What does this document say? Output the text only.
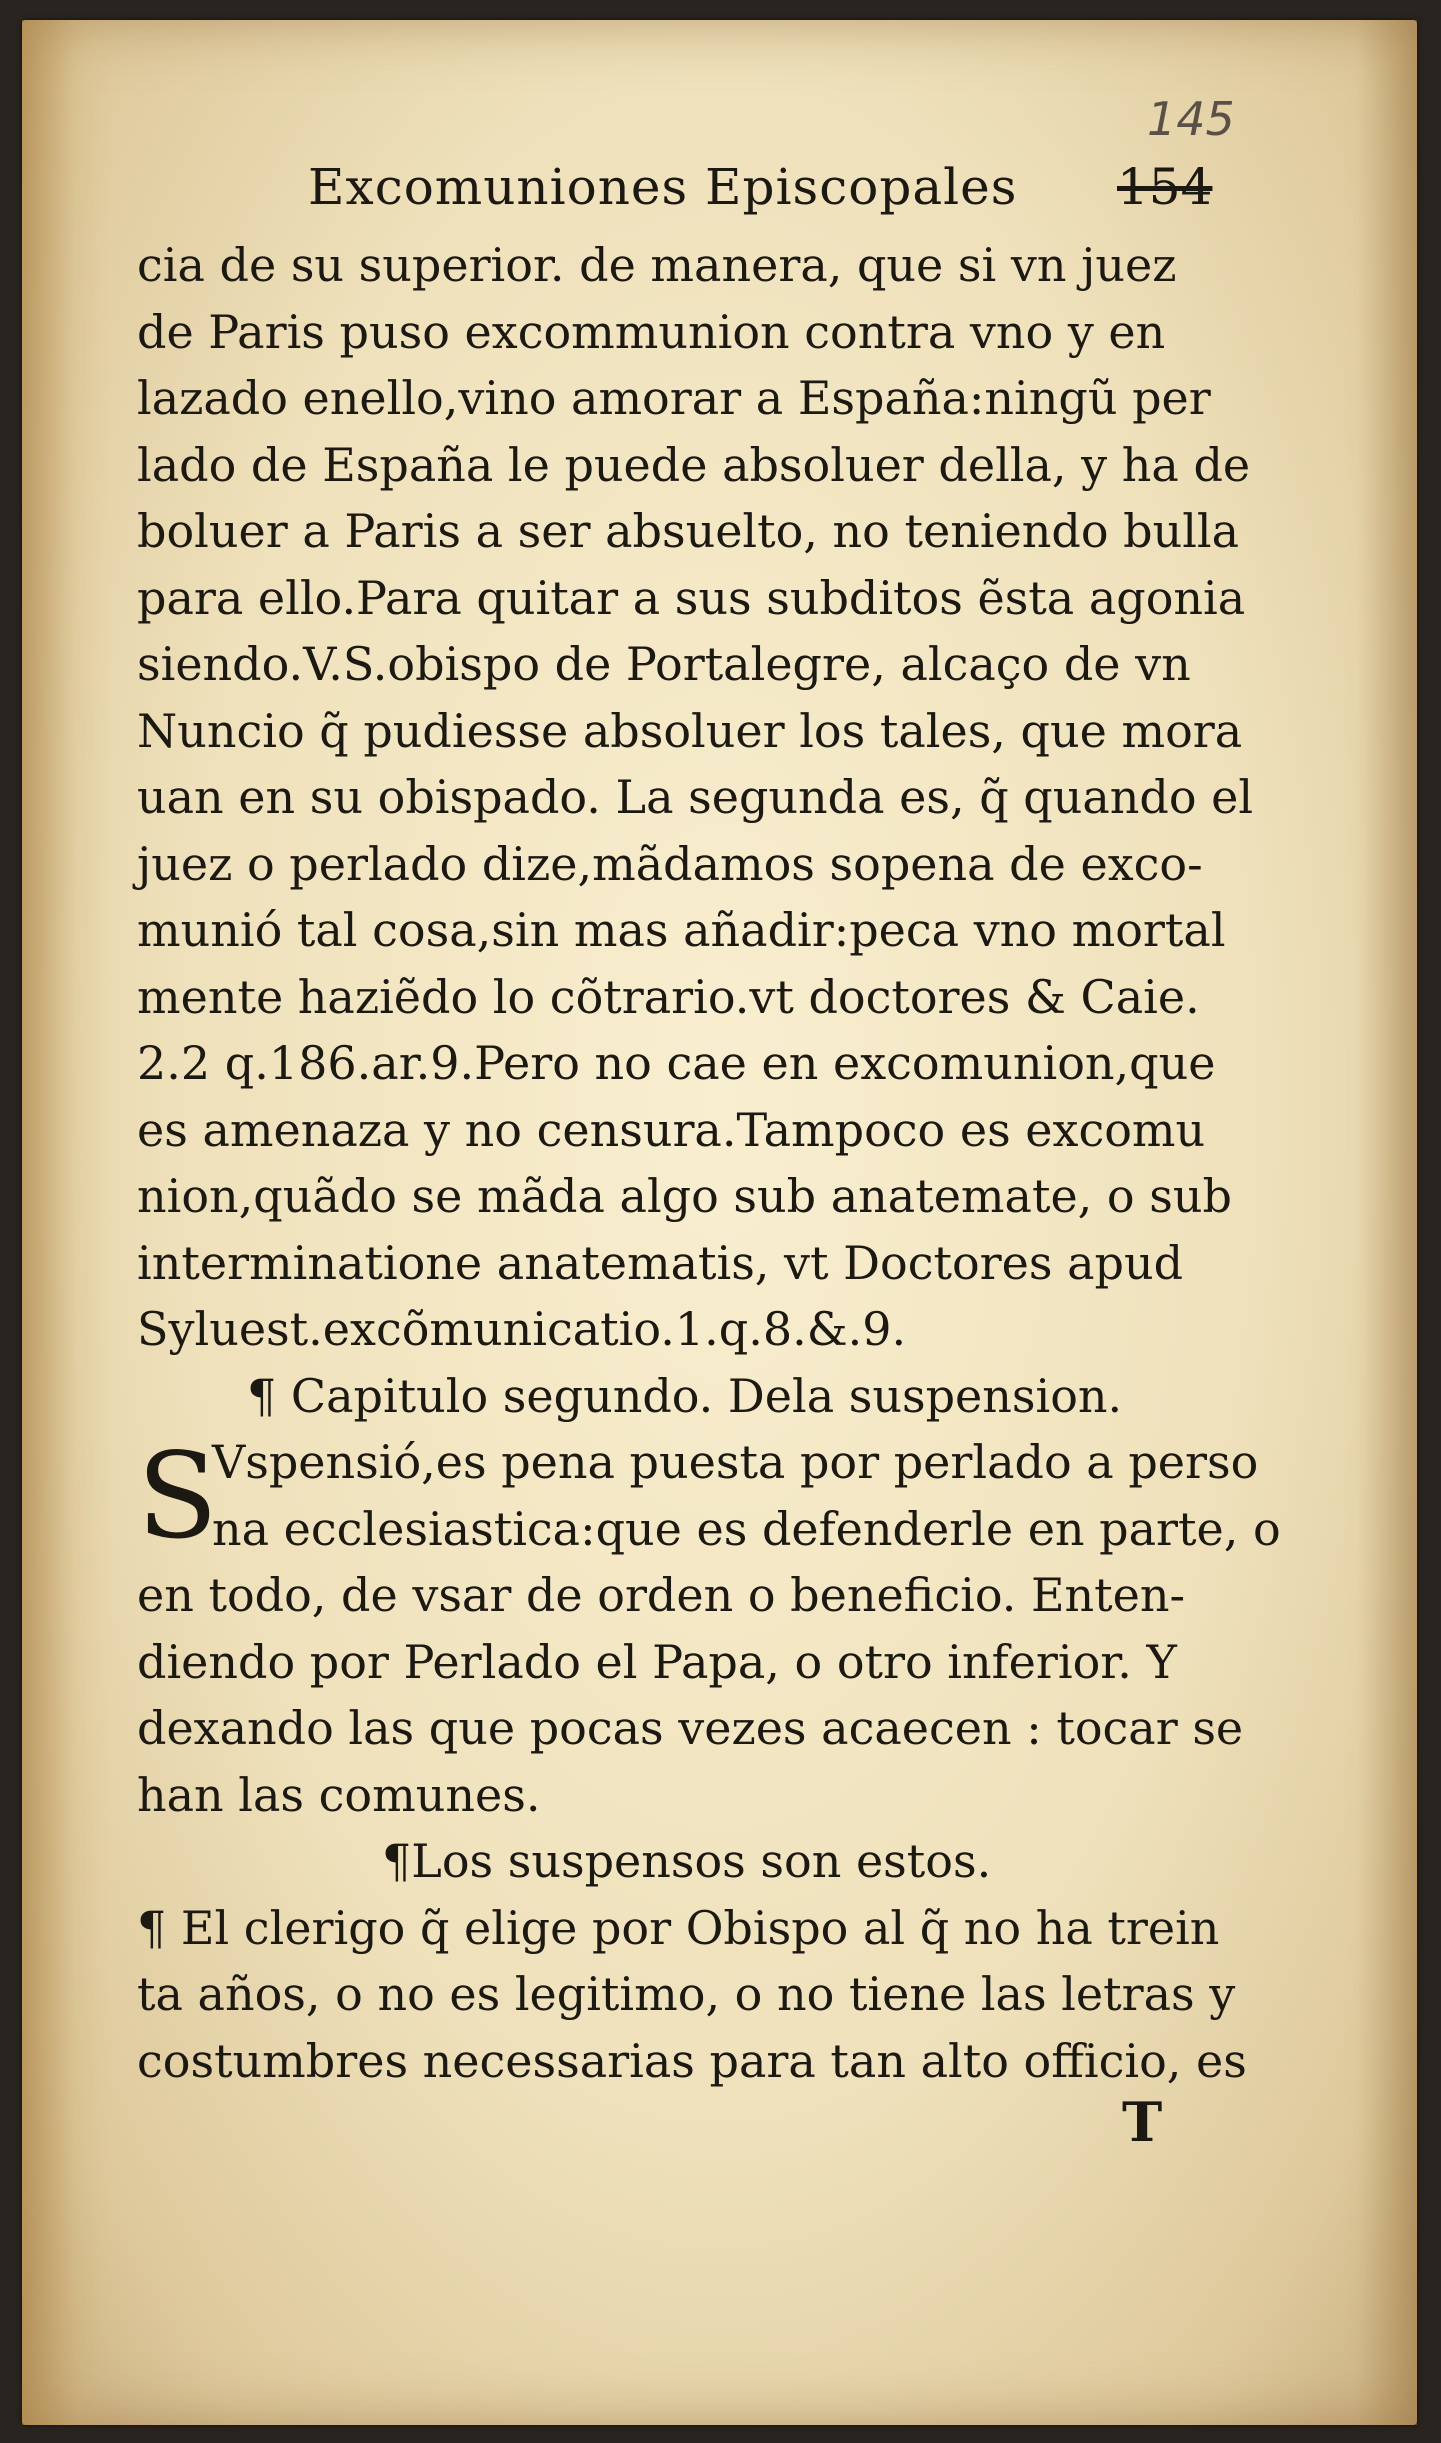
145
Excomuniones Episcopales 154
cia de su superior. de manera, que si vn juez
de Paris puso excommunion contra vno y en
lazado enello,vino amorar a España:ningũ per
lado de España le puede absoluer della, y ha de
boluer a Paris a ser absuelto, no teniendo bulla
para ello.Para quitar a sus subditos ẽsta agonia
siendo.V.S.obispo de Portalegre, alcaço de vn
Nuncio q̃ pudiesse absoluer los tales, que mora
uan en su obispado. La segunda es, q̃ quando el
juez o perlado dize,mãdamos sopena de exco-
munió tal cosa,sin mas añadir:peca vno mortal
mente haziẽdo lo cõtrario.vt doctores & Caie.
2.2 q.186.ar.9.Pero no cae en excomunion,que
es amenaza y no censura.Tampoco es excomu
nion,quãdo se mãda algo sub anatemate, o sub
interminatione anatematis, vt Doctores apud
Syluest.excõmunicatio.1.q.8.&.9.
¶ Capitulo segundo. Dela suspension.
S
Vspensió,es pena puesta por perlado a perso
na ecclesiastica:que es defenderle en parte, o
en todo, de vsar de orden o beneficio. Enten-
diendo por Perlado el Papa, o otro inferior. Y
dexando las que pocas vezes acaecen : tocar se
han las comunes.
¶Los suspensos son estos.
¶ El clerigo q̃ elige por Obispo al q̃ no ha trein
ta años, o no es legitimo, o no tiene las letras y
costumbres necessarias para tan alto officio, es
T
